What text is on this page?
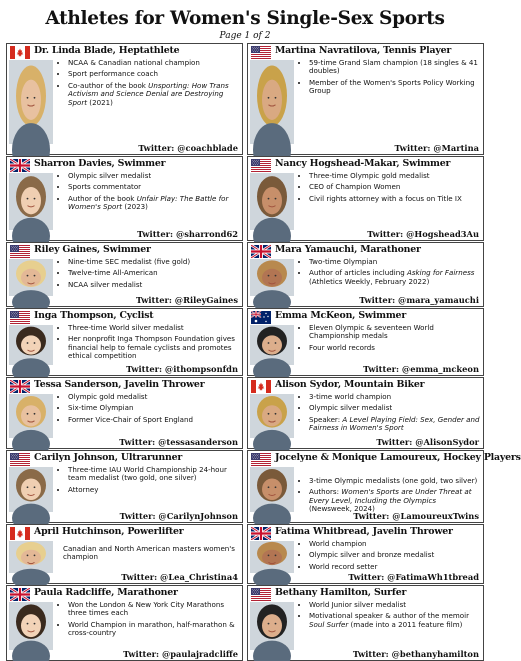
Athletes for Women's Single-Sex Sports
Page 1 of 2
Dr. Linda Blade, Heptathlete
• NCAA & Canadian national champion
• Sport performance coach
• Co-author of the book Unsporting: How Trans Activism and Science Denial are Destroying Sport (2021)
Twitter: @coachblade
Martina Navratilova, Tennis Player
• 59-time Grand Slam champion (18 singles & 41 doubles)
• Member of the Women's Sports Policy Working Group
Twitter: @Martina
Sharron Davies, Swimmer
• Olympic silver medalist
• Sports commentator
• Author of the book Unfair Play: The Battle for Women's Sport (2023)
Twitter: @sharrond62
Nancy Hogshead-Makar, Swimmer
• Three-time Olympic gold medalist
• CEO of Champion Women
• Civil rights attorney with a focus on Title IX
Twitter: @Hogshead3Au
Riley Gaines, Swimmer
• Nine-time SEC medalist (five gold)
• Twelve-time All-American
• NCAA silver medalist
Twitter: @RileyGaines
Mara Yamauchi, Marathoner
• Two-time Olympian
• Author of articles including Asking for Fairness (Athletics Weekly, February 2022)
Twitter: @mara_yamauchi
Inga Thompson, Cyclist
• Three-time World silver medalist
• Her nonprofit Inga Thompson Foundation gives financial help to female cyclists and promotes ethical competition
Twitter: @ithompsonfdn
Emma McKeon, Swimmer
• Eleven Olympic & seventeen World Championship medals
• Four world records
Twitter: @emma_mckeon
Tessa Sanderson, Javelin Thrower
• Olympic gold medalist
• Six-time Olympian
• Former Vice-Chair of Sport England
Twitter: @tessasanderson
Alison Sydor, Mountain Biker
• 3-time world champion
• Olympic silver medalist
• Speaker: A Level Playing Field: Sex, Gender and Fairness in Women's Sport
Twitter: @AlisonSydor
Carilyn Johnson, Ultrarunner
• Three-time IAU World Championship 24-hour team medalist (two gold, one silver)
• Attorney
Twitter: @CarilynJohnson
Jocelyne & Monique Lamoureux, Hockey Players
• 3-time Olympic medalists (one gold, two silver)
• Authors: Women's Sports are Under Threat at Every Level, Including the Olympics (Newsweek, 2024)
Twitter: @LamoureuxTwins
April Hutchinson, Powerlifter
Canadian and North American masters women's champion
Twitter: @Lea_Christina4
Fatima Whitbread, Javelin Thrower
• World champion
• Olympic silver and bronze medalist
• World record setter
Twitter: @FatimaWh1tbread
Paula Radcliffe, Marathoner
• Won the London & New York City Marathons three times each
• World Champion in marathon, half-marathon & cross-country
Twitter: @paulajradcliffe
Bethany Hamilton, Surfer
• World Junior silver medalist
• Motivational speaker & author of the memoir Soul Surfer (made into a 2011 feature film)
Twitter: @bethanyhamilton
